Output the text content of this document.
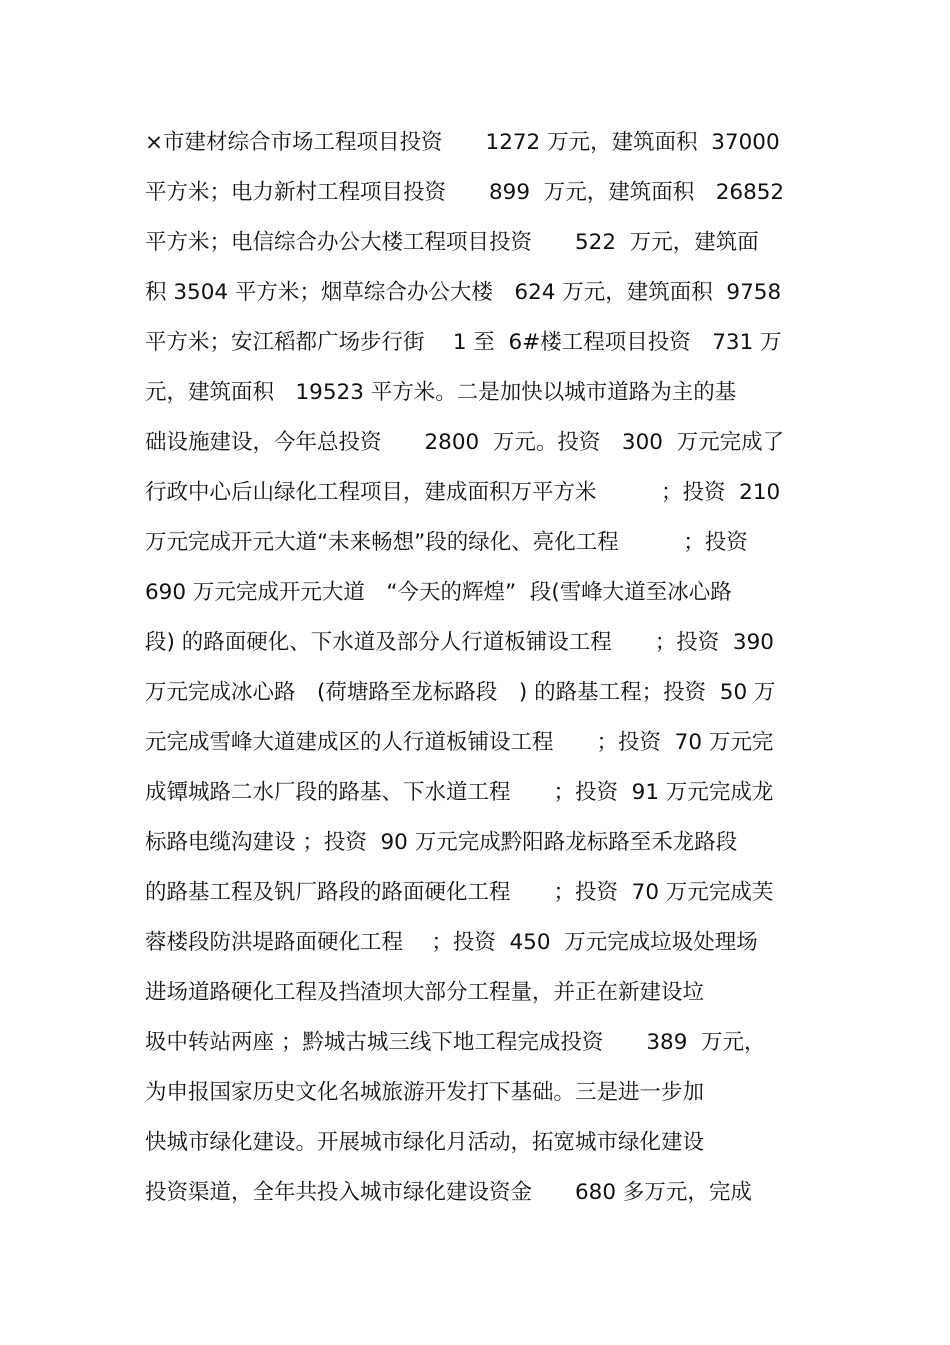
×市建材综合市场工程项目投资　　1272 万元，建筑面积  37000
平方米；电力新村工程项目投资　　899  万元，建筑面积　26852
平方米；电信综合办公大楼工程项目投资　　522  万元，建筑面
积 3504 平方米；烟草综合办公大楼　624 万元，建筑面积  9758
平方米；安江稻都广场步行街　 1 至  6#楼工程项目投资　731 万
元，建筑面积　19523 平方米。二是加快以城市道路为主的基
础设施建设，今年总投资　　2800  万元。投资　300  万元完成了
行政中心后山绿化工程项目，建成面积万平方米　　　；投资  210
万元完成开元大道“未来畅想”段的绿化、亮化工程　　　；投资
690 万元完成开元大道　“今天的辉煌”  段(雪峰大道至冰心路
段) 的路面硬化、下水道及部分人行道板铺设工程　　；投资  390
万元完成冰心路　(荷塘路至龙标路段　) 的路基工程；投资  50 万
元完成雪峰大道建成区的人行道板铺设工程　　；投资  70 万元完
成镡城路二水厂段的路基、下水道工程　　；投资  91 万元完成龙
标路电缆沟建设 ；投资  90 万元完成黔阳路龙标路至禾龙路段
的路基工程及钒厂路段的路面硬化工程　　；投资  70 万元完成芙
蓉楼段防洪堤路面硬化工程　 ；投资  450  万元完成垃圾处理场
进场道路硬化工程及挡渣坝大部分工程量，并正在新建设垃
圾中转站两座 ；黔城古城三线下地工程完成投资　　389  万元，
为申报国家历史文化名城旅游开发打下基础。三是进一步加
快城市绿化建设。开展城市绿化月活动，拓宽城市绿化建设
投资渠道，全年共投入城市绿化建设资金　　680 多万元，完成
